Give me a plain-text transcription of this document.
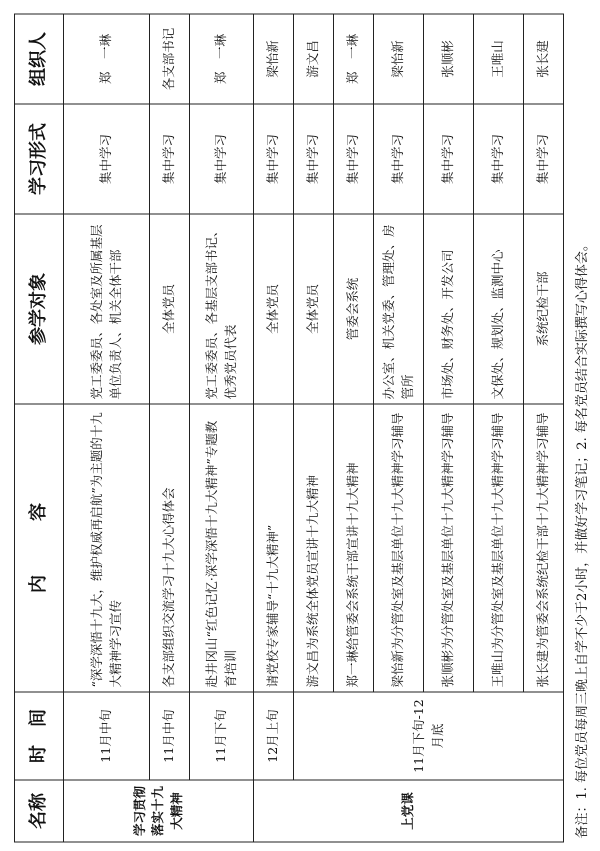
名称	时　间	内　　　容	参学对象	学习形式	组织人
学习贯彻落实十九大精神	11月中旬	“深学深悟十九大，维护权威再启航”为主题的十九大精神学习宣传	党工委委员、各处室及所属基层单位负责人、机关全体干部	集中学习	郑　一琳
	11月中旬	各支部组织交流学习十九大心得体会	全体党员	集中学习	各支部书记
	11月下旬	赴井冈山“红色记忆·深学深悟十九大精神”专题教育培训	党工委委员、各基层支部书记、优秀党员代表	集中学习	郑　一琳
上党课	12月上旬	请党校专家辅导“十九大精神”	全体党员	集中学习	梁怡新
	11月下旬-12月底	游文昌为系统全体党员宣讲十九大精神	全体党员	集中学习	游文昌
		郑一琳给管委会系统干部宣讲十九大精神	管委会系统	集中学习	郑　一琳
		梁怡新为分管处室及基层单位十九大精神学习辅导	办公室、机关党委、管理处、房管所	集中学习	梁怡新
		张顺彬为分管处室及基层单位十九大精神学习辅导	市场处、财务处、开发公司	集中学习	张顺彬
		王唯山为分管处室及基层单位十九大精神学习辅导	文保处、规划处、监测中心	集中学习	王唯山
		张长建为管委会系统纪检干部十九大精神学习辅导	系统纪检干部	集中学习	张长建
备注：1. 每位党员每周三晚上自学不少于2小时，并做好学习笔记；2. 每名党员结合实际撰写心得体会。
